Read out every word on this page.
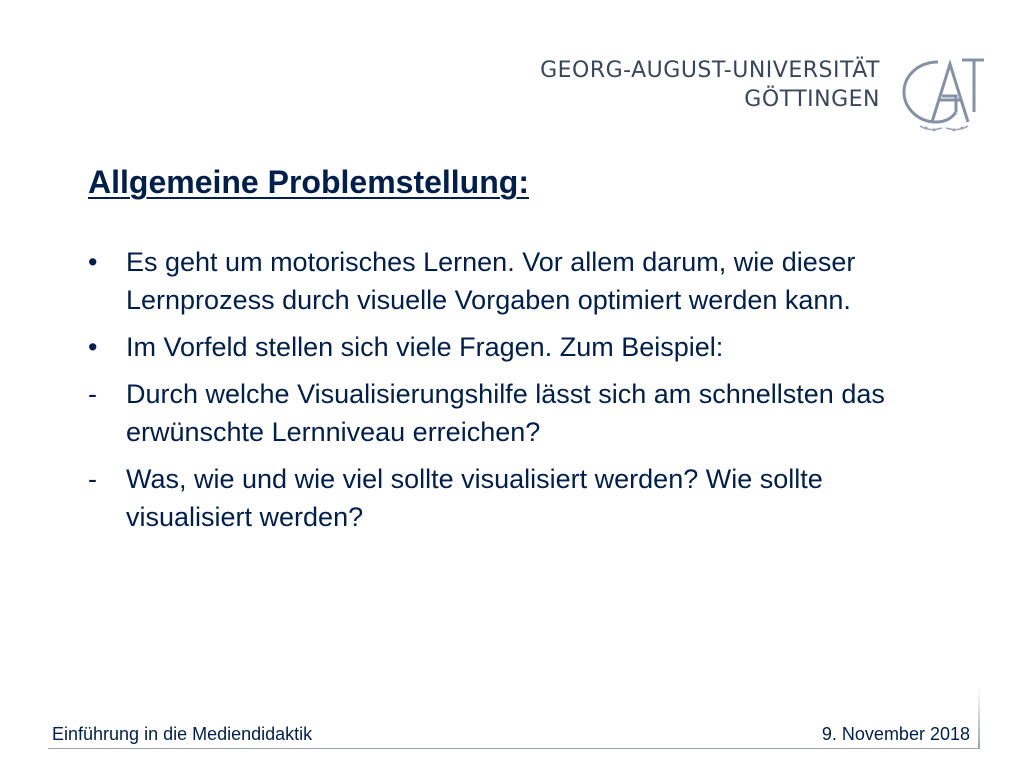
GEORG-AUGUST-UNIVERSITÄT
GÖTTINGEN
Allgemeine Problemstellung:
•	Es geht um motorisches Lernen. Vor allem darum, wie dieser Lernprozess durch visuelle Vorgaben optimiert werden kann.
•	Im Vorfeld stellen sich viele Fragen. Zum Beispiel:
-	Durch welche Visualisierungshilfe lässt sich am schnellsten das erwünschte Lernniveau erreichen?
-	Was, wie und wie viel sollte visualisiert werden? Wie sollte visualisiert werden?
Einführung in die Mediendidaktik	9. November 2018
